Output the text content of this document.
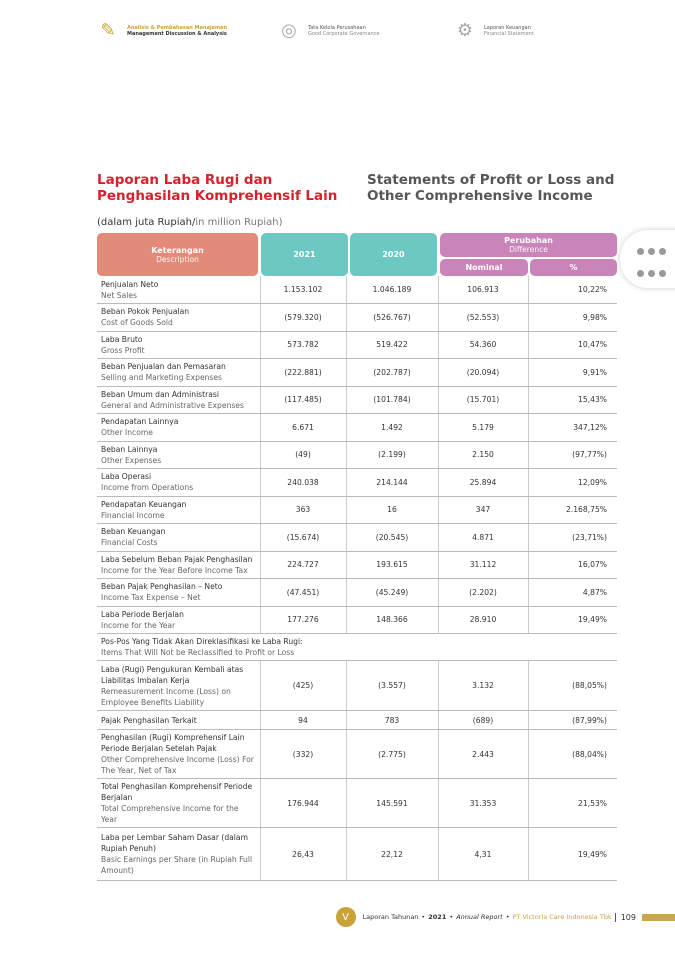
✎	Analisis & Pembahasan Manajemen
Management Discussion & Analysis	◎	Tata Kelola Perusahaan
Good Corporate Governance	⚙	Laporan Keuangan
Financial Statement
Laporan Laba Rugi dan Penghasilan Komprehensif Lain
Statements of Profit or Loss and Other Comprehensive Income
(dalam juta Rupiah/in million Rupiah)
Keterangan
Description	2021	2020
Perubahan
Difference
Nominal	%
Penjualan Neto
Net Sales	1.153.102	1.046.189	106.913	10,22%

Beban Pokok Penjualan
Cost of Goods Sold	(579.320)	(526.767)	(52.553)	9,98%

Laba Bruto
Gross Profit	573.782	519.422	54.360	10,47%

Beban Penjualan dan Pemasaran
Selling and Marketing Expenses	(222.881)	(202.787)	(20.094)	9,91%

Beban Umum dan Administrasi
General and Administrative Expenses	(117.485)	(101.784)	(15.701)	15,43%

Pendapatan Lainnya
Other Income	6.671	1.492	5.179	347,12%

Beban Lainnya
Other Expenses	(49)	(2.199)	2.150	(97,77%)

Laba Operasi
Income from Operations	240.038	214.144	25.894	12,09%

Pendapatan Keuangan
Financial Income	363	16	347	2.168,75%

Beban Keuangan
Financial Costs	(15.674)	(20.545)	4.871	(23,71%)

Laba Sebelum Beban Pajak Penghasilan
Income for the Year Before Income Tax	224.727	193.615	31.112	16,07%

Beban Pajak Penghasilan – Neto
Income Tax Expense – Net	(47.451)	(45.249)	(2.202)	4,87%

Laba Periode Berjalan
Income for the Year	177.276	148.366	28.910	19,49%

Pos-Pos Yang Tidak Akan Direklasifikasi ke Laba Rugi:
Items That Will Not be Reclassified to Profit or Loss				

Laba (Rugi) Pengukuran Kembali atas Liabilitas Imbalan Kerja
Remeasurement Income (Loss) on Employee Benefits Liability	(425)	(3.557)	3.132	(88,05%)

Pajak Penghasilan Terkait	94	783	(689)	(87,99%)

Penghasilan (Rugi) Komprehensif Lain Periode Berjalan Setelah Pajak
Other Comprehensive Income (Loss) For The Year, Net of Tax	(332)	(2.775)	2.443	(88,04%)

Total Penghasilan Komprehensif Periode Berjalan
Total Comprehensive Income for the Year	176.944	145.591	31.353	21,53%

Laba per Lembar Saham Dasar (dalam Rupiah Penuh)
Basic Earnings per Share (in Rupiah Full Amount)	26,43	22,12	4,31	19,49%
V	Laporan Tahunan • 2021 • Annual Report • PT Victoria Care Indonesia Tbk	109
